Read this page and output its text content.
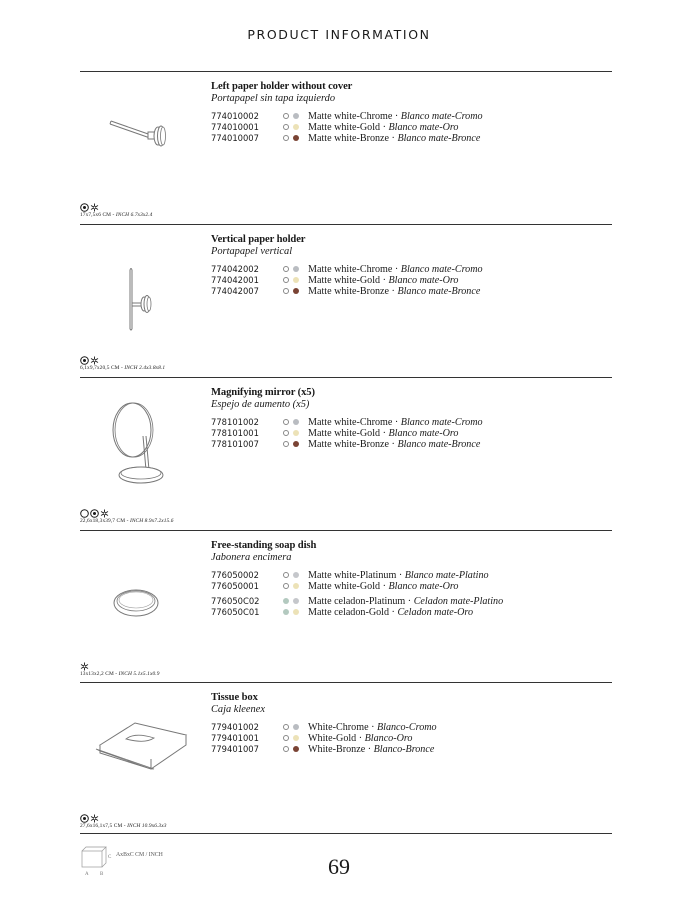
PRODUCT INFORMATION
Left paper holder without cover
Portapapel sin tapa izquierdo
774010002	Matte white-Chrome · Blanco mate-Cromo
774010001	Matte white-Gold · Blanco mate-Oro
774010007	Matte white-Bronze · Blanco mate-Bronce
17x7,5x6 CM - INCH 6.7x3x2.4
Vertical paper holder
Portapapel vertical
774042002	Matte white-Chrome · Blanco mate-Cromo
774042001	Matte white-Gold · Blanco mate-Oro
774042007	Matte white-Bronze · Blanco mate-Bronce
6,1x9,7x20,5 CM - INCH 2.4x3.8x8.1
Magnifying mirror (x5)
Espejo de aumento (x5)
778101002	Matte white-Chrome · Blanco mate-Cromo
778101001	Matte white-Gold · Blanco mate-Oro
778101007	Matte white-Bronze · Blanco mate-Bronce
22,6x18,3x39,7 CM - INCH 8.9x7.2x15.6
Free-standing soap dish
Jabonera encimera
776050002	Matte white-Platinum · Blanco mate-Platino
776050001	Matte white-Gold · Blanco mate-Oro
776050C02	Matte celadon-Platinum · Celadon mate-Platino
776050C01	Matte celadon-Gold · Celadon mate-Oro
13x13x2,2 CM - INCH 5.1x5.1x0.9
Tissue box
Caja kleenex
779401002	White-Chrome · Blanco-Cromo
779401001	White-Gold · Blanco-Oro
779401007	White-Bronze · Blanco-Bronce
27,6x16,1x7,5 CM - INCH 10.9x6.3x3
A B
C AxBxC CM / INCH	69
